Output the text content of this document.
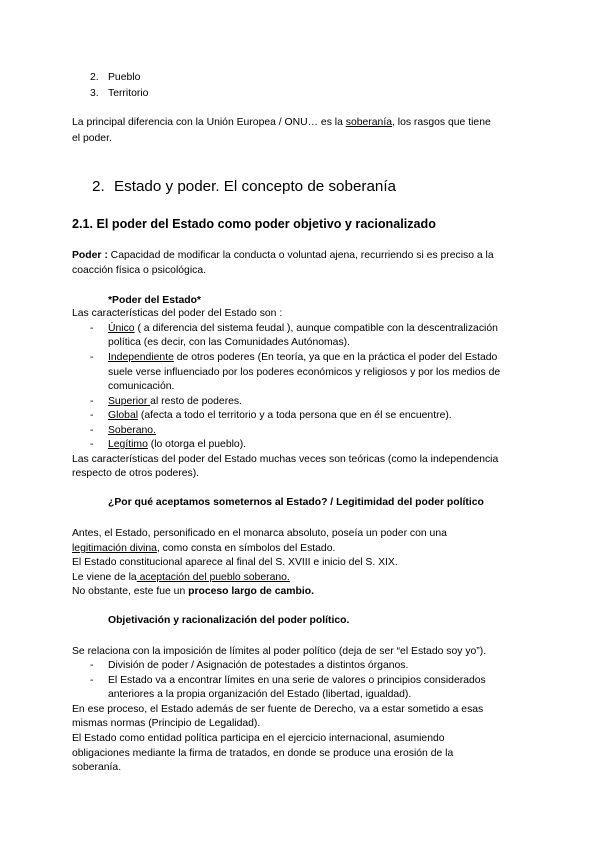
2. Pueblo
3. Territorio
La principal diferencia con la Unión Europea / ONU… es la soberanía, los rasgos que tiene
el poder.
2. Estado y poder. El concepto de soberanía
2.1. El poder del Estado como poder objetivo y racionalizado
Poder : Capacidad de modificar la conducta o voluntad ajena, recurriendo si es preciso a la
coacción física o psicológica.
*Poder del Estado*
Las características del poder del Estado son :
- Único ( a diferencia del sistema feudal ), aunque compatible con la descentralización
política (es decir, con las Comunidades Autónomas).
- Independiente de otros poderes (En teoría, ya que en la práctica el poder del Estado
suele verse influenciado por los poderes económicos y religiosos y por los medios de
comunicación.
- Superior al resto de poderes.
- Global (afecta a todo el territorio y a toda persona que en él se encuentre).
- Soberano.
- Legítimo (lo otorga el pueblo).
Las características del poder del Estado muchas veces son teóricas (como la independencia
respecto de otros poderes).
¿Por qué aceptamos someternos al Estado? / Legitimidad del poder político
Antes, el Estado, personificado en el monarca absoluto, poseía un poder con una
legitimación divina, como consta en símbolos del Estado.
El Estado constitucional aparece al final del S. XVIII e inicio del S. XIX.
Le viene de la aceptación del pueblo soberano.
No obstante, este fue un proceso largo de cambio.
Objetivación y racionalización del poder político.
Se relaciona con la imposición de límites al poder político (deja de ser “el Estado soy yo”).
- División de poder / Asignación de potestades a distintos órganos.
- El Estado va a encontrar límites en una serie de valores o principios considerados
anteriores a la propia organización del Estado (libertad, igualdad).
En ese proceso, el Estado además de ser fuente de Derecho, va a estar sometido a esas
mismas normas (Principio de Legalidad).
El Estado como entidad política participa en el ejercicio internacional, asumiendo
obligaciones mediante la firma de tratados, en donde se produce una erosión de la
soberanía.
